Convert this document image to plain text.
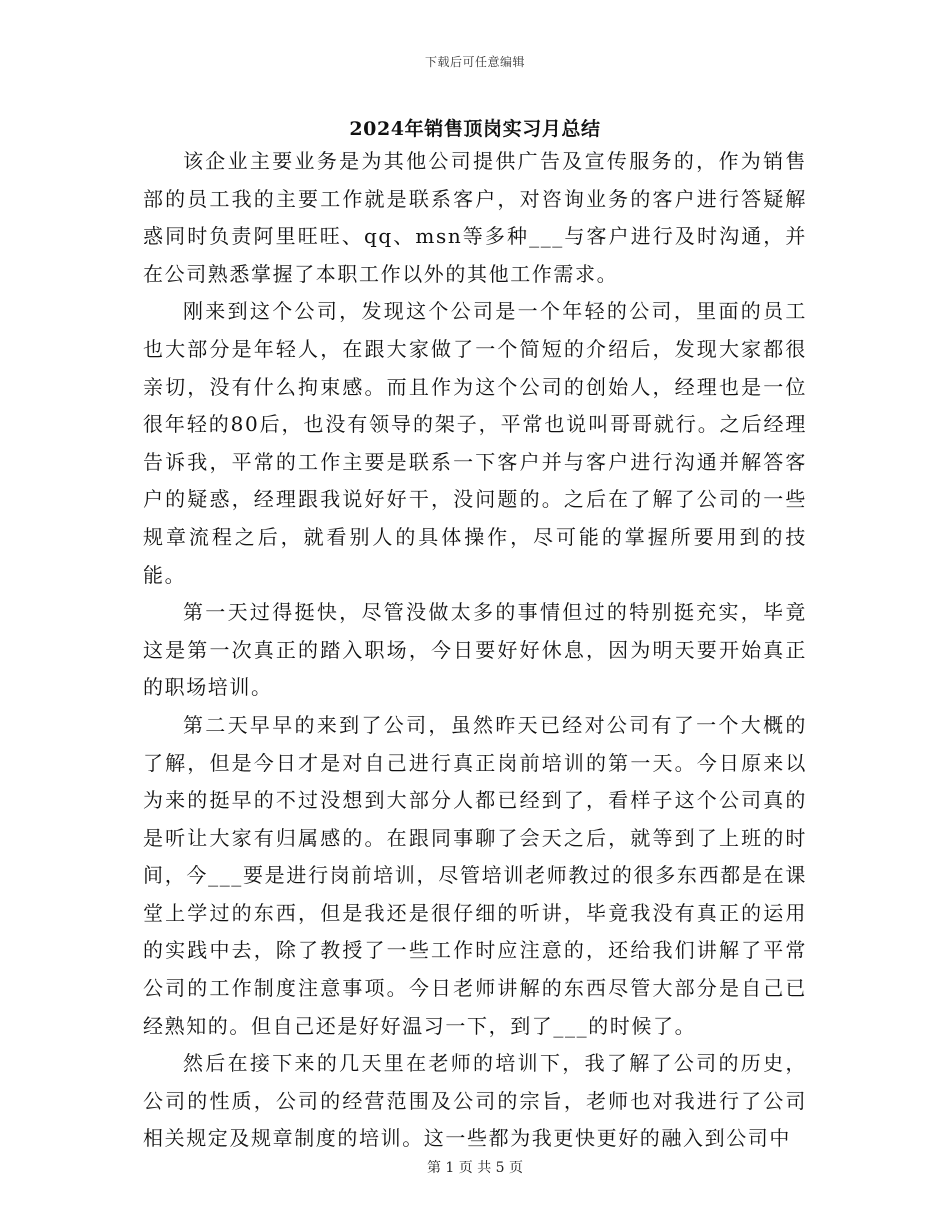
下载后可任意编辑
2024年销售顶岗实习月总结

该企业主要业务是为其他公司提供广告及宣传服务的，作为销售部的员工我的主要工作就是联系客户，对咨询业务的客户进行答疑解惑同时负责阿里旺旺、qq、msn等多种___与客户进行及时沟通，并在公司熟悉掌握了本职工作以外的其他工作需求。

刚来到这个公司，发现这个公司是一个年轻的公司，里面的员工也大部分是年轻人，在跟大家做了一个简短的介绍后，发现大家都很亲切，没有什么拘束感。而且作为这个公司的创始人，经理也是一位很年轻的80后，也没有领导的架子，平常也说叫哥哥就行。之后经理告诉我，平常的工作主要是联系一下客户并与客户进行沟通并解答客户的疑惑，经理跟我说好好干，没问题的。之后在了解了公司的一些规章流程之后，就看别人的具体操作，尽可能的掌握所要用到的技能。

第一天过得挺快，尽管没做太多的事情但过的特别挺充实，毕竟这是第一次真正的踏入职场，今日要好好休息，因为明天要开始真正的职场培训。

第二天早早的来到了公司，虽然昨天已经对公司有了一个大概的了解，但是今日才是对自己进行真正岗前培训的第一天。今日原来以为来的挺早的不过没想到大部分人都已经到了，看样子这个公司真的是听让大家有归属感的。在跟同事聊了会天之后，就等到了上班的时间，今___要是进行岗前培训，尽管培训老师教过的很多东西都是在课堂上学过的东西，但是我还是很仔细的听讲，毕竟我没有真正的运用的实践中去，除了教授了一些工作时应注意的，还给我们讲解了平常公司的工作制度注意事项。今日老师讲解的东西尽管大部分是自己已经熟知的。但自己还是好好温习一下，到了___的时候了。

然后在接下来的几天里在老师的培训下，我了解了公司的历史，公司的性质，公司的经营范围及公司的宗旨，老师也对我进行了公司相关规定及规章制度的培训。这一些都为我更快更好的融入到公司中

第 1 页 共 5 页
